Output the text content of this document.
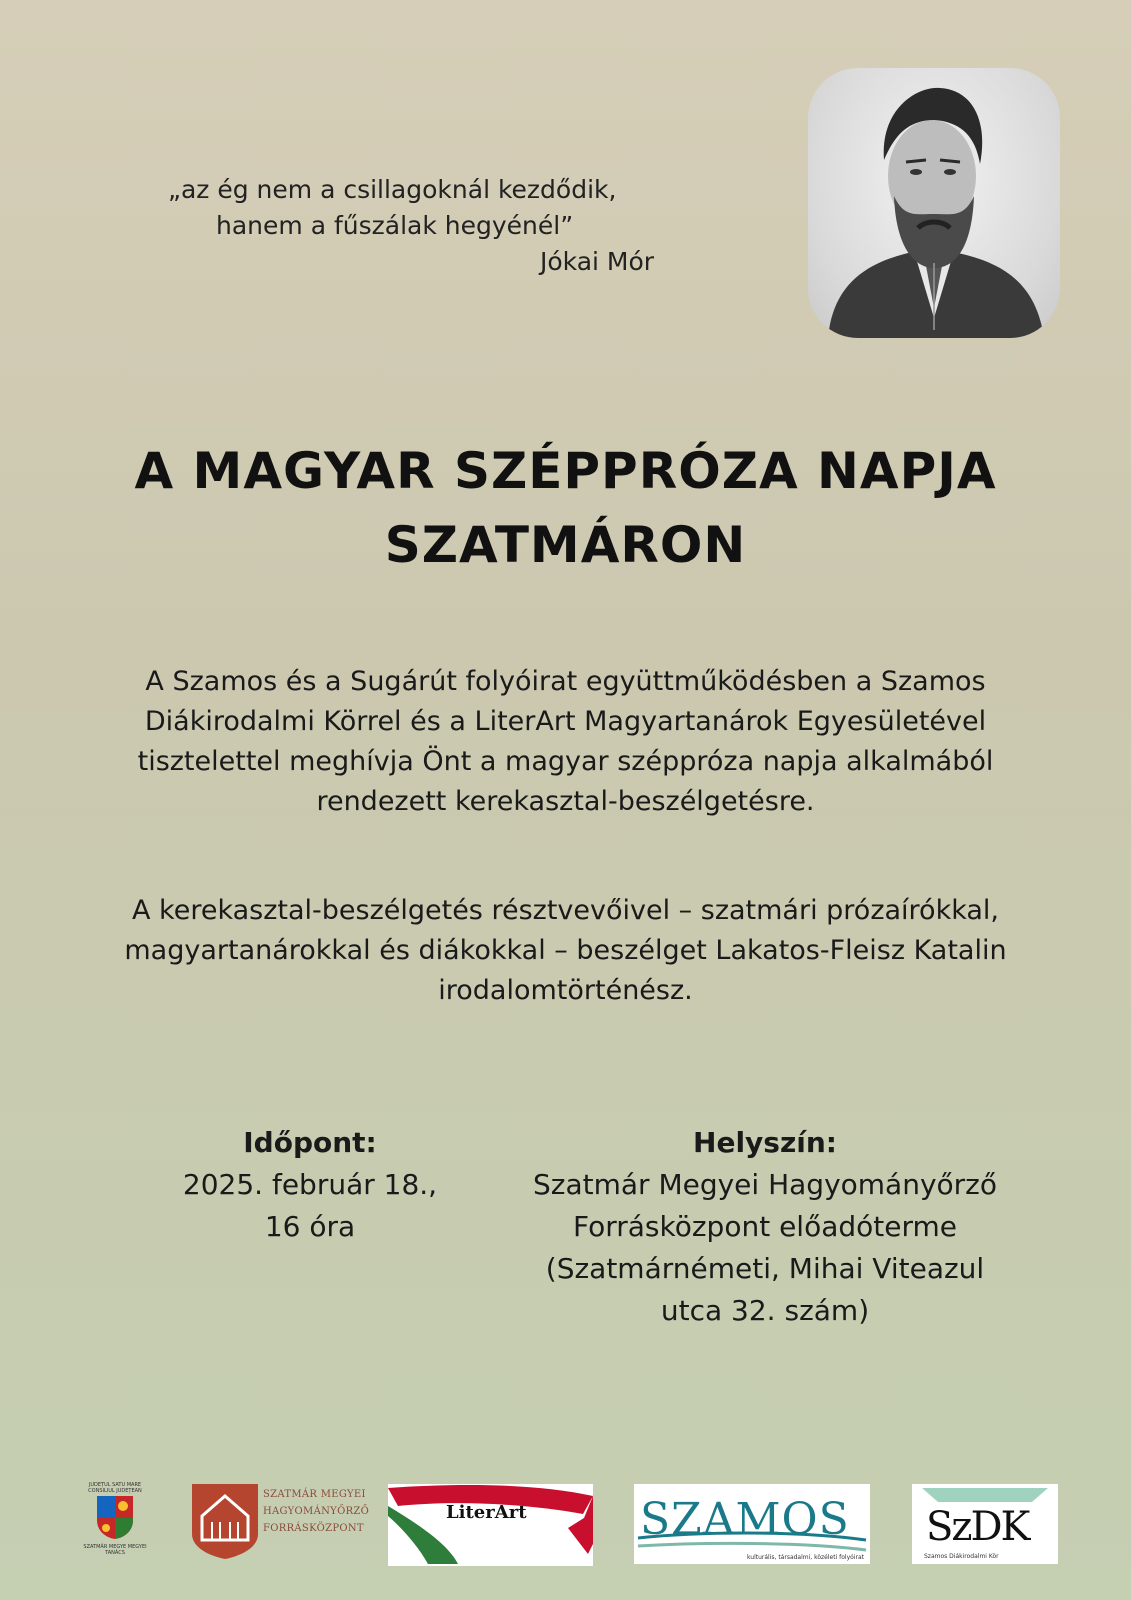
„az ég nem a csillagoknál kezdődik,
hanem a fűszálak hegyénél”
Jókai Mór
A MAGYAR SZÉPPRÓZA NAPJA
SZATMÁRON
A Szamos és a Sugárút folyóirat együttműködésben a Szamos Diákirodalmi Körrel és a LiterArt Magyartanárok Egyesületével tisztelettel meghívja Önt a magyar széppróza napja alkalmából rendezett kerekasztal-beszélgetésre.
A kerekasztal-beszélgetés résztvevőivel – szatmári prózaírókkal, magyartanárokkal és diákokkal – beszélget Lakatos-Fleisz Katalin irodalomtörténész.
Időpont:
2025. február 18.,
16 óra
Helyszín:
Szatmár Megyei Hagyományőrző
Forrásközpont előadóterme
(Szatmárnémeti, Mihai Viteazul
utca 32. szám)
JUDEȚUL SATU MARE CONSILIUL JUDEȚEAN
SZATMÁR MEGYE MEGYEI TANÁCS
SZATMÁR MEGYEI
HAGYOMÁNYŐRZŐ
FORRÁSKÖZPONT
LiterArt	SZAMOS
kulturális, társadalmi, közéleti folyóirat
SzDK
Szamos Diákirodalmi Kör
